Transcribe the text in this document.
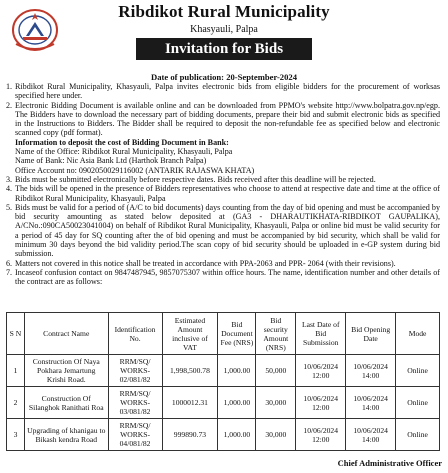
Ribdikot Rural Municipality
Khasyauli, Palpa
Invitation for Bids
Date of publication: 20-September-2024
1. Ribdikot Rural Municipality, Khasyauli, Palpa invites electronic bids from eligible bidders for the procurement of worksas specified here under.
2. Electronic Bidding Document is available online and can be downloaded from PPMO's website http://www.bolpatra.gov.np/egp. The Bidders have to download the necessary part of bidding documents, prepare their bid and submit electronic bids as specified in the Instructions to Bidders. The Bidder shall be required to deposit the non-refundable fee as specified below and electronic scanned copy (pdf format).
Information to deposit the cost of Bidding Document in Bank:
Name of the Office: Ribdikot Rural Municipality, Khasyauli, Palpa
Name of Bank: Nic Asia Bank Ltd (Harthok Branch Palpa)
Office Account no: 0902050029116002 (ANTARIK RAJASWA KHATA)
3. Bids must be submitted electronically before respective dates. Bids received after this deadline will be rejected.
4. The bids will be opened in the presence of Bidders representatives who choose to attend at respective date and time at the office of Ribdikot Rural Municipality, Khasyauli, Palpa
5. Bids must be valid for a period of (A/C to bid documents) days counting from the day of bid opening and must be accompanied by bid security amounting as stated below deposited at (GA3 - DHARAUTIKHATA-RIBDIKOT GAUPALIKA), A/CNo.:090CA50023041004) on behalf of Ribdikot Rural Municipality, Khasyauli, Palpa or online bid must be valid security for a period of 45 day for SQ counting after the of bid opening and must be accompanied by bid security, which shall be valid for minimum 30 days beyond the bid validity period.The scan copy of bid security should be uploaded in e-GP system during bid submission.
6. Matters not covered in this notice shall be treated in accordance with PPA-2063 and PPR- 2064 (with their revisions).
7. Incaseof confusion contact on 9847487945, 9857075307 within office hours. The name, identification number and other details of the contract are as follows:
S N	Contract Name	Identification No.	Estimated Amount inclusive of VAT	Bid Document Fee (NRS)	Bid security Amount (NRS)	Last Date of Bid Submission	Bid Opening Date	Mode
1	Construction Of Naya Pokhara Jemartung Krishi Road.	RRM/SQ/ WORKS-02/081/82	1,998,500.78	1,000.00	50,000	10/06/2024 12:00	10/06/2024 14:00	Online
2	Construction Of Silanghok Ranithati Roa	RRM/SQ/ WORKS-03/081/82	1000012.31	1,000.00	30,000	10/06/2024 12:00	10/06/2024 14:00	Online
3	Upgrading of khanigau to Bikash kendra Road	RRM/SQ/ WORKS-04/081/82	999890.73	1,000.00	30,000	10/06/2024 12:00	10/06/2024 14:00	Online
Chief Administrative Officer
